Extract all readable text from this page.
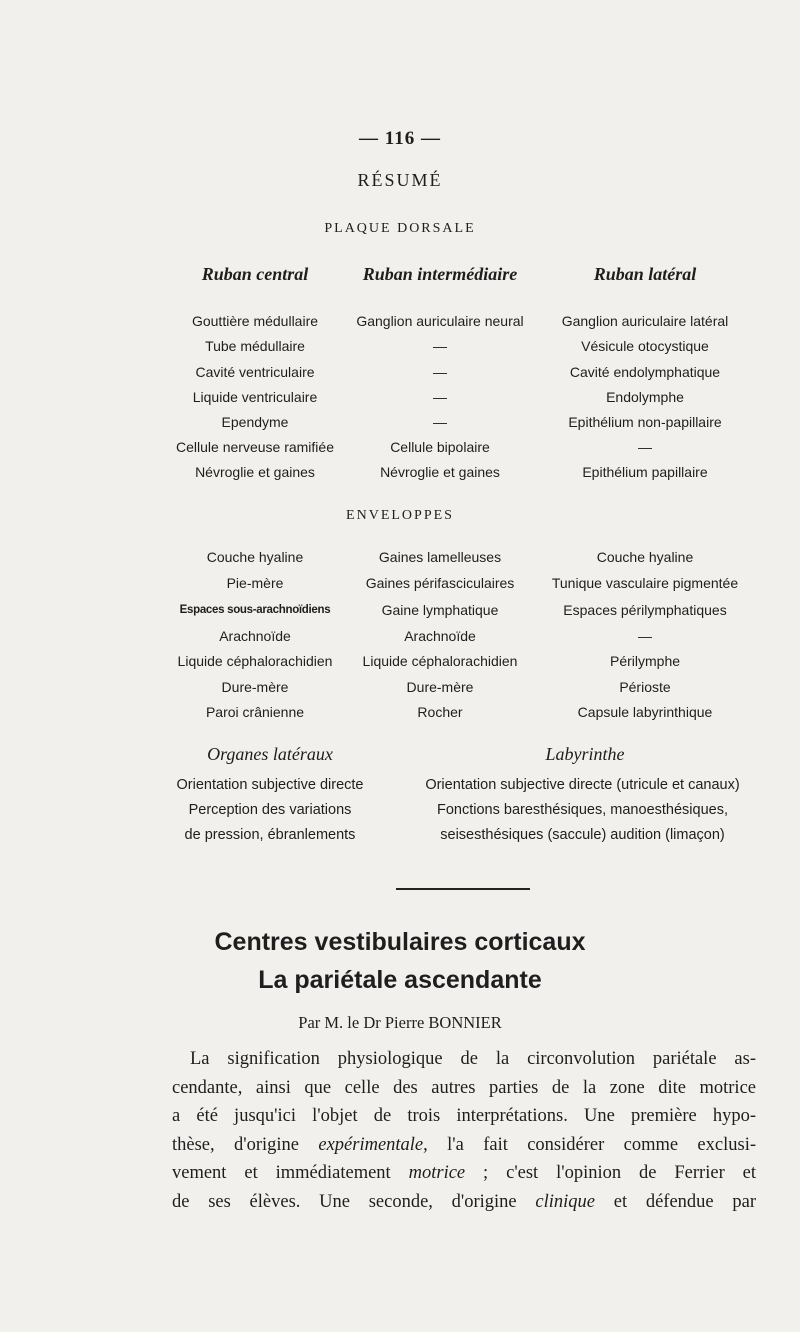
— 116 —
RÉSUMÉ
PLAQUE DORSALE
Ruban central	Ruban intermédiaire	Ruban latéral
Gouttière médullaire	Ganglion auriculaire neural	Ganglion auriculaire latéral
Tube médullaire	—	Vésicule otocystique
Cavité ventriculaire	—	Cavité endolymphatique
Liquide ventriculaire	—	Endolymphe
Ependyme	—	Epithélium non-papillaire
Cellule nerveuse ramifiée	Cellule bipolaire	—
Névroglie et gaines	Névroglie et gaines	Epithélium papillaire
ENVELOPPES
Couche hyaline	Gaines lamelleuses	Couche hyaline
Pie-mère	Gaines périfasciculaires	Tunique vasculaire pigmentée
Espaces sous-arachnoïdiens	Gaine lymphatique	Espaces périlymphatiques
Arachnoïde	Arachnoïde	—
Liquide céphalorachidien	Liquide céphalorachidien	Périlymphe
Dure-mère	Dure-mère	Périoste
Paroi crânienne	Rocher	Capsule labyrinthique
Organes latéraux	Labyrinthe
Orientation subjective directe	Orientation subjective directe (utricule et canaux)
Perception des variations	Fonctions baresthésiques, manoesthésiques,
de pression, ébranlements	seisesthésiques (saccule) audition (limaçon)
Centres vestibulaires corticaux
La pariétale ascendante
Par M. le Dr Pierre BONNIER
La signification physiologique de la circonvolution pariétale as-
cendante, ainsi que celle des autres parties de la zone dite motrice
a été jusqu'ici l'objet de trois interprétations. Une première hypo-
thèse, d'origine expérimentale, l'a fait considérer comme exclusi-
vement et immédiatement motrice ; c'est l'opinion de Ferrier et
de ses élèves. Une seconde, d'origine clinique et défendue par
